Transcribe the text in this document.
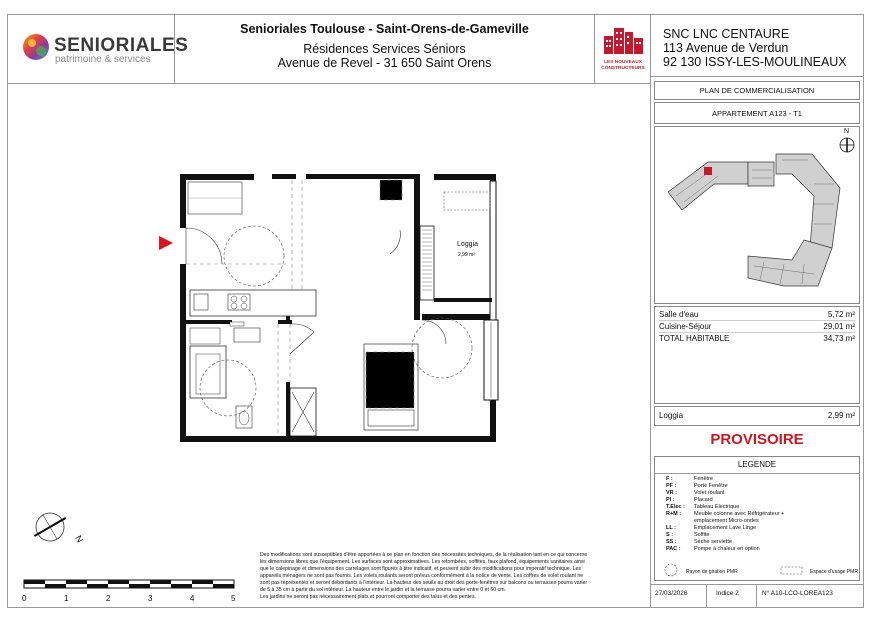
SENIORIALES
patrimoine & services
Senioriales Toulouse - Saint-Orens-de-Gameville
Résidences Services Séniors
Avenue de Revel - 31 650 Saint Orens	LES NOUVEAUX CONSTRUCTEURS
SNC LNC CENTAURE
113 Avenue de Verdun
92 130 ISSY-LES-MOULINEAUX
PLAN DE COMMERCIALISATION
APPARTEMENT A123 - T1
N
Salle d'eau	5,72 m²
Cuisine-Séjour	29,01 m²
TOTAL HABITABLE	34,73 m²
Loggia	2,99 m²
PROVISOIRE
LEGENDE
F :	Fenêtre
PF :	Porte Fenêtre
VR :	Volet roulant
Pl :	Placard
T.Elec :	Tableau Electrique
R+M :	Meuble colonne avec Réfrigérateur +
emplacement Micro-ondes
LL :	Emplacement Lave Linge
S :	Soffite
SS :	Sèche serviette
PAC :	Pompe à chaleur en option
Rayon de giration PMR	Espace d'usage PMR
27/03/2026	Indice 2	N° A10-LCO-LOREA123
Loggia
2,99 m²
N
0	1	2	3	4	5
Des modifications sont susceptibles d'être apportées à ce plan en fonction des nécessités techniques, de la réalisation tant en ce qui concerne
les dimensions libres que l'équipement. Les surfaces sont approximatives. Les retombées, soffites, faux plafond, équipements sanitaires ainsi
que le calepinage et dimensions des carrelages sont figurés à titre indicatif, et peuvent subir des modifications pour impératif technique. Les
appareils ménagers ne sont pas fournis. Les volets roulants seront prévus conformément à la notice de vente. Les coffres de volet roulant ne
sont pas représentés et seront débordants à l'intérieur. La hauteur des seuils au droit des porte-fenêtres sur balcons ou terrasses pourra varier
de 5 à 35 cm à partir du sol intérieur. La hauteur entre le jardin et la terrasse pourra varier entre 0 et 60 cm.
Les jardins ne seront pas nécessairement plats et pourront comporter des talus et des pentes.
